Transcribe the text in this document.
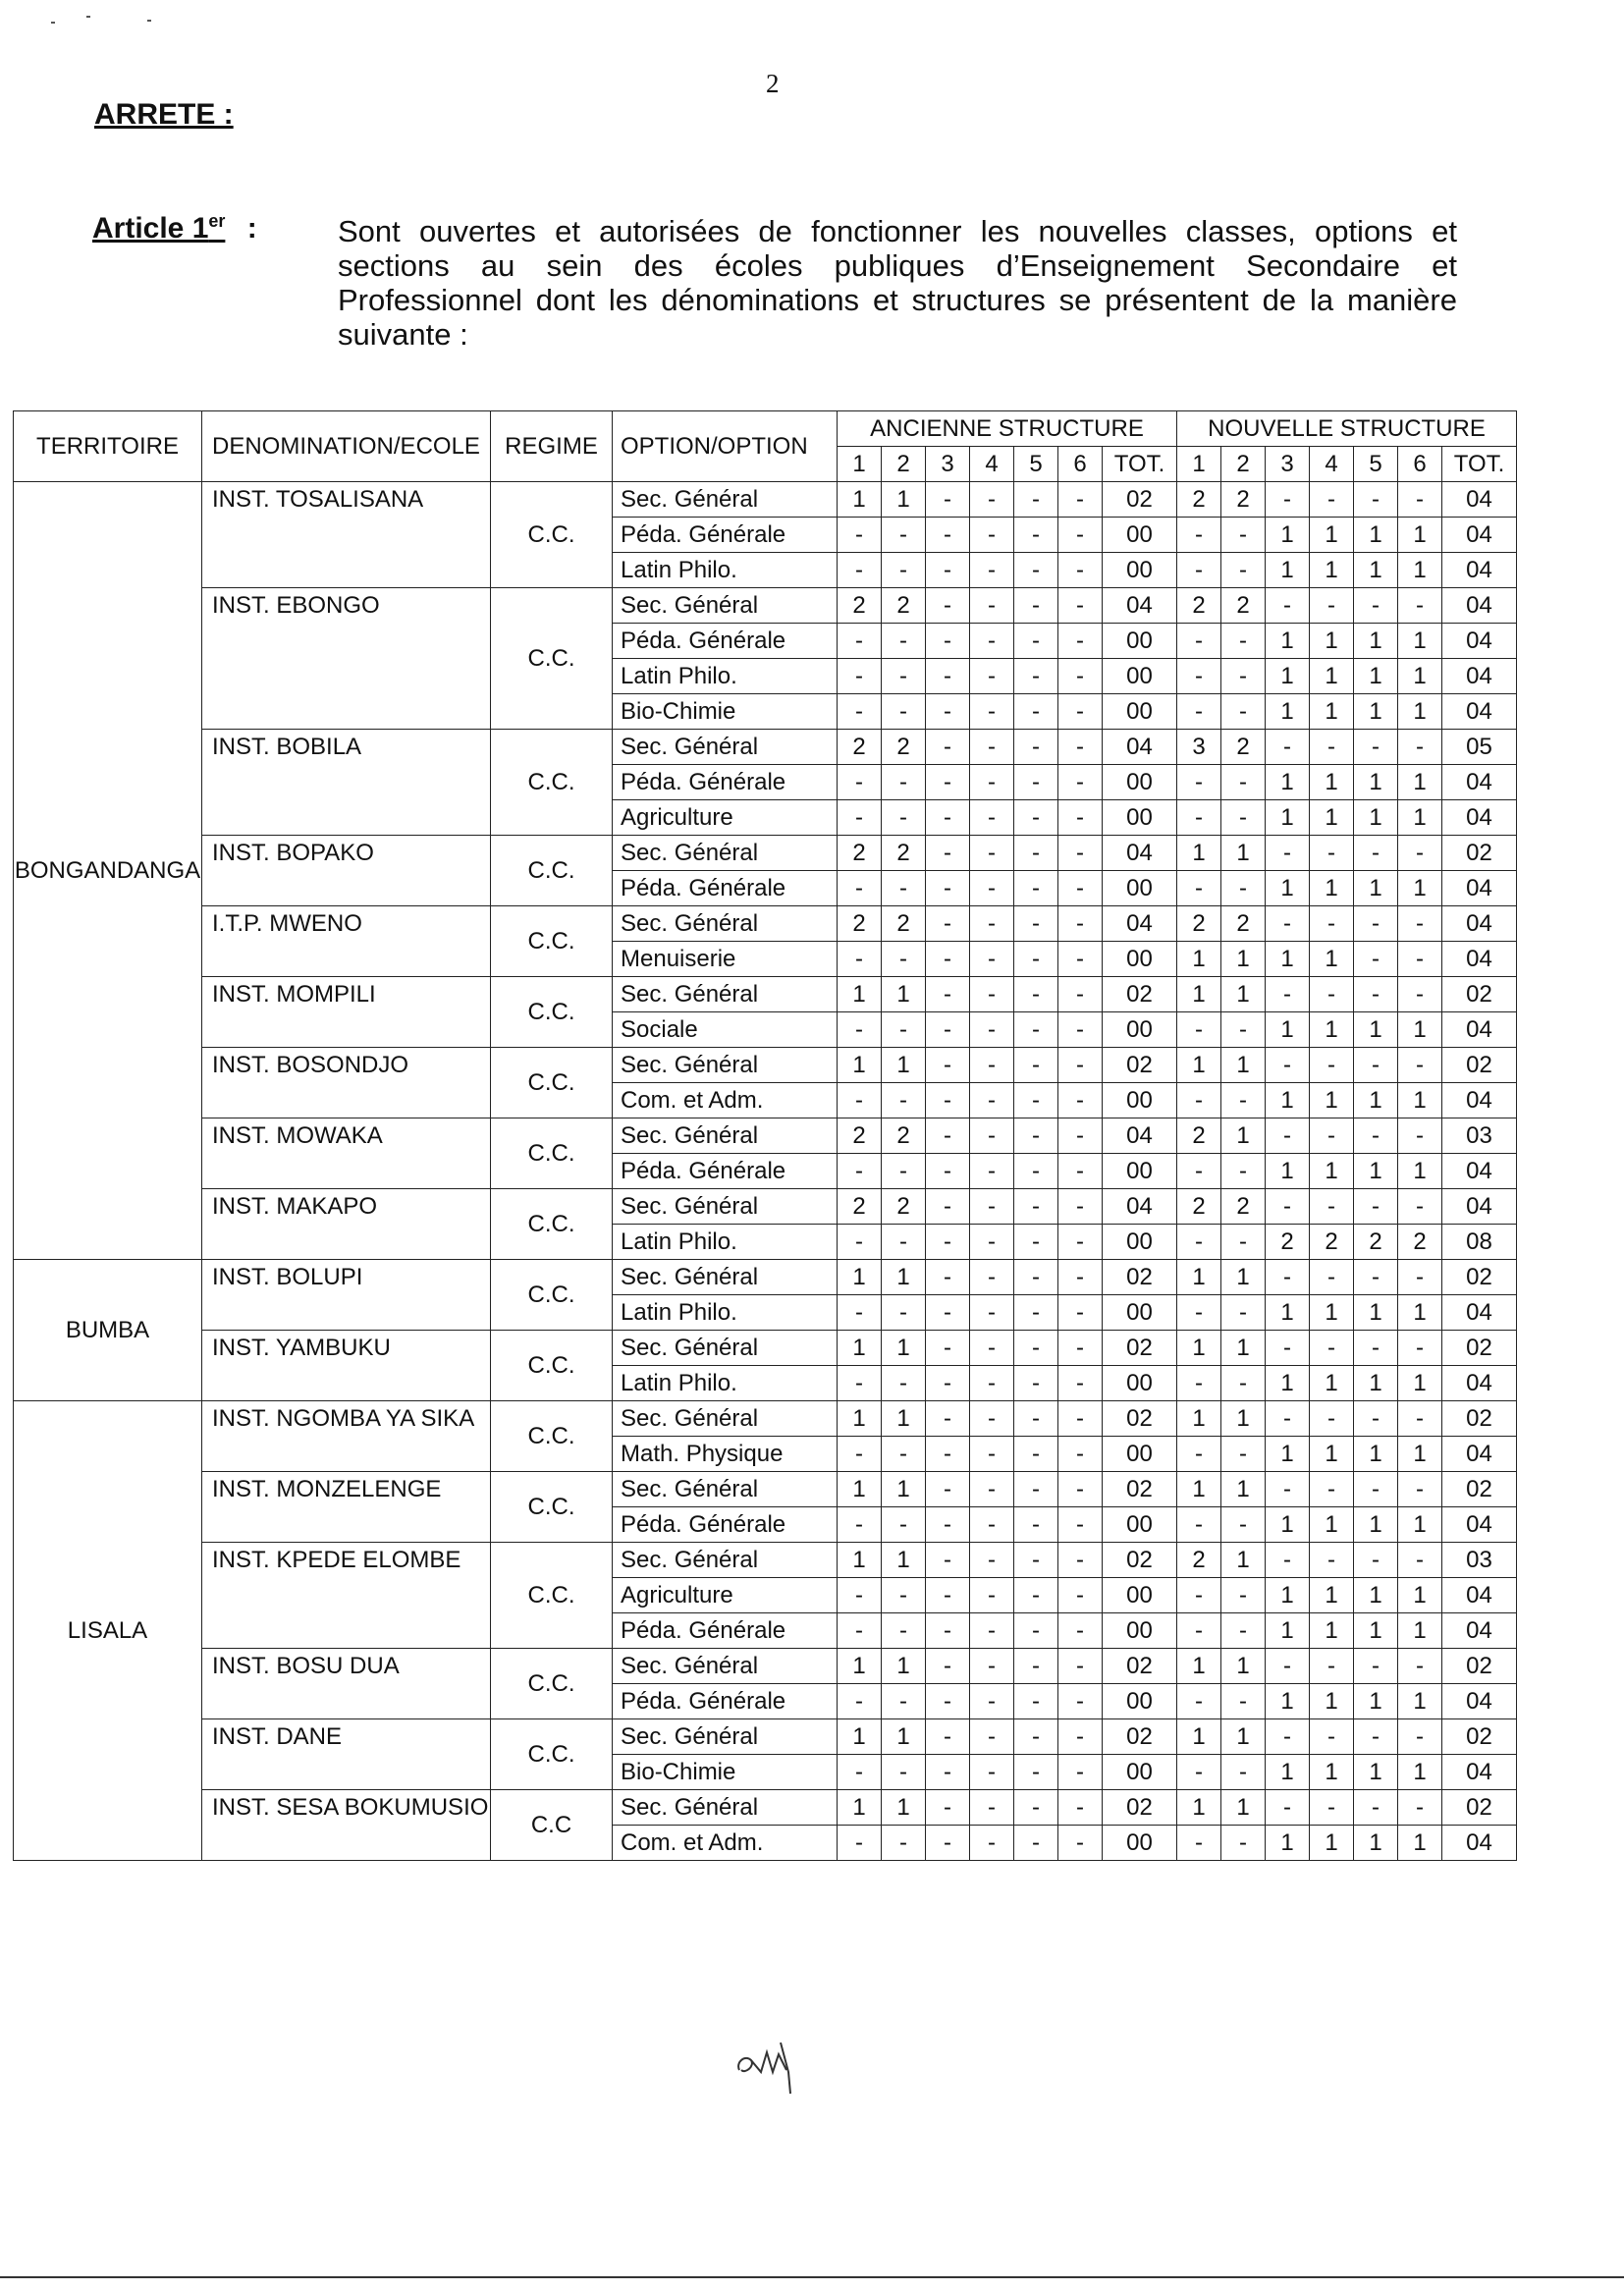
2
ARRETE :
Article 1er :	Sont ouvertes et autorisées de fonctionner les nouvelles classes, options et sections au sein des écoles publiques d’Enseignement Secondaire et Professionnel dont les dénominations et structures se présentent de la manière suivante :
TERRITOIRE	DENOMINATION/ECOLE	REGIME	OPTION/OPTION	ANCIENNE STRUCTURE							NOUVELLE STRUCTURE						
				1	2	3	4	5	6	TOT.	1	2	3	4	5	6	TOT.
BONGANDANGA	INST. TOSALISANA	C.C.	Sec. Général	1	1	-	-	-	-	02	2	2	-	-	-	-	04
			Péda. Générale	-	-	-	-	-	-	00	-	-	1	1	1	1	04
			Latin Philo.	-	-	-	-	-	-	00	-	-	1	1	1	1	04
	INST. EBONGO	C.C.	Sec. Général	2	2	-	-	-	-	04	2	2	-	-	-	-	04
			Péda. Générale	-	-	-	-	-	-	00	-	-	1	1	1	1	04
			Latin Philo.	-	-	-	-	-	-	00	-	-	1	1	1	1	04
			Bio-Chimie	-	-	-	-	-	-	00	-	-	1	1	1	1	04
	INST. BOBILA	C.C.	Sec. Général	2	2	-	-	-	-	04	3	2	-	-	-	-	05
			Péda. Générale	-	-	-	-	-	-	00	-	-	1	1	1	1	04
			Agriculture	-	-	-	-	-	-	00	-	-	1	1	1	1	04
	INST. BOPAKO	C.C.	Sec. Général	2	2	-	-	-	-	04	1	1	-	-	-	-	02
			Péda. Générale	-	-	-	-	-	-	00	-	-	1	1	1	1	04
	I.T.P. MWENO	C.C.	Sec. Général	2	2	-	-	-	-	04	2	2	-	-	-	-	04
			Menuiserie	-	-	-	-	-	-	00	1	1	1	1	-	-	04
	INST. MOMPILI	C.C.	Sec. Général	1	1	-	-	-	-	02	1	1	-	-	-	-	02
			Sociale	-	-	-	-	-	-	00	-	-	1	1	1	1	04
	INST. BOSONDJO	C.C.	Sec. Général	1	1	-	-	-	-	02	1	1	-	-	-	-	02
			Com. et Adm.	-	-	-	-	-	-	00	-	-	1	1	1	1	04
	INST. MOWAKA	C.C.	Sec. Général	2	2	-	-	-	-	04	2	1	-	-	-	-	03
			Péda. Générale	-	-	-	-	-	-	00	-	-	1	1	1	1	04
	INST. MAKAPO	C.C.	Sec. Général	2	2	-	-	-	-	04	2	2	-	-	-	-	04
			Latin Philo.	-	-	-	-	-	-	00	-	-	2	2	2	2	08
BUMBA	INST. BOLUPI	C.C.	Sec. Général	1	1	-	-	-	-	02	1	1	-	-	-	-	02
			Latin Philo.	-	-	-	-	-	-	00	-	-	1	1	1	1	04
	INST. YAMBUKU	C.C.	Sec. Général	1	1	-	-	-	-	02	1	1	-	-	-	-	02
			Latin Philo.	-	-	-	-	-	-	00	-	-	1	1	1	1	04
LISALA	INST. NGOMBA YA SIKA	C.C.	Sec. Général	1	1	-	-	-	-	02	1	1	-	-	-	-	02
			Math. Physique	-	-	-	-	-	-	00	-	-	1	1	1	1	04
	INST. MONZELENGE	C.C.	Sec. Général	1	1	-	-	-	-	02	1	1	-	-	-	-	02
			Péda. Générale	-	-	-	-	-	-	00	-	-	1	1	1	1	04
	INST. KPEDE ELOMBE	C.C.	Sec. Général	1	1	-	-	-	-	02	2	1	-	-	-	-	03
			Agriculture	-	-	-	-	-	-	00	-	-	1	1	1	1	04
			Péda. Générale	-	-	-	-	-	-	00	-	-	1	1	1	1	04
	INST. BOSU DUA	C.C.	Sec. Général	1	1	-	-	-	-	02	1	1	-	-	-	-	02
			Péda. Générale	-	-	-	-	-	-	00	-	-	1	1	1	1	04
	INST. DANE	C.C.	Sec. Général	1	1	-	-	-	-	02	1	1	-	-	-	-	02
			Bio-Chimie	-	-	-	-	-	-	00	-	-	1	1	1	1	04
	INST. SESA BOKUMUSIO	C.C	Sec. Général	1	1	-	-	-	-	02	1	1	-	-	-	-	02
			Com. et Adm.	-	-	-	-	-	-	00	-	-	1	1	1	1	04
